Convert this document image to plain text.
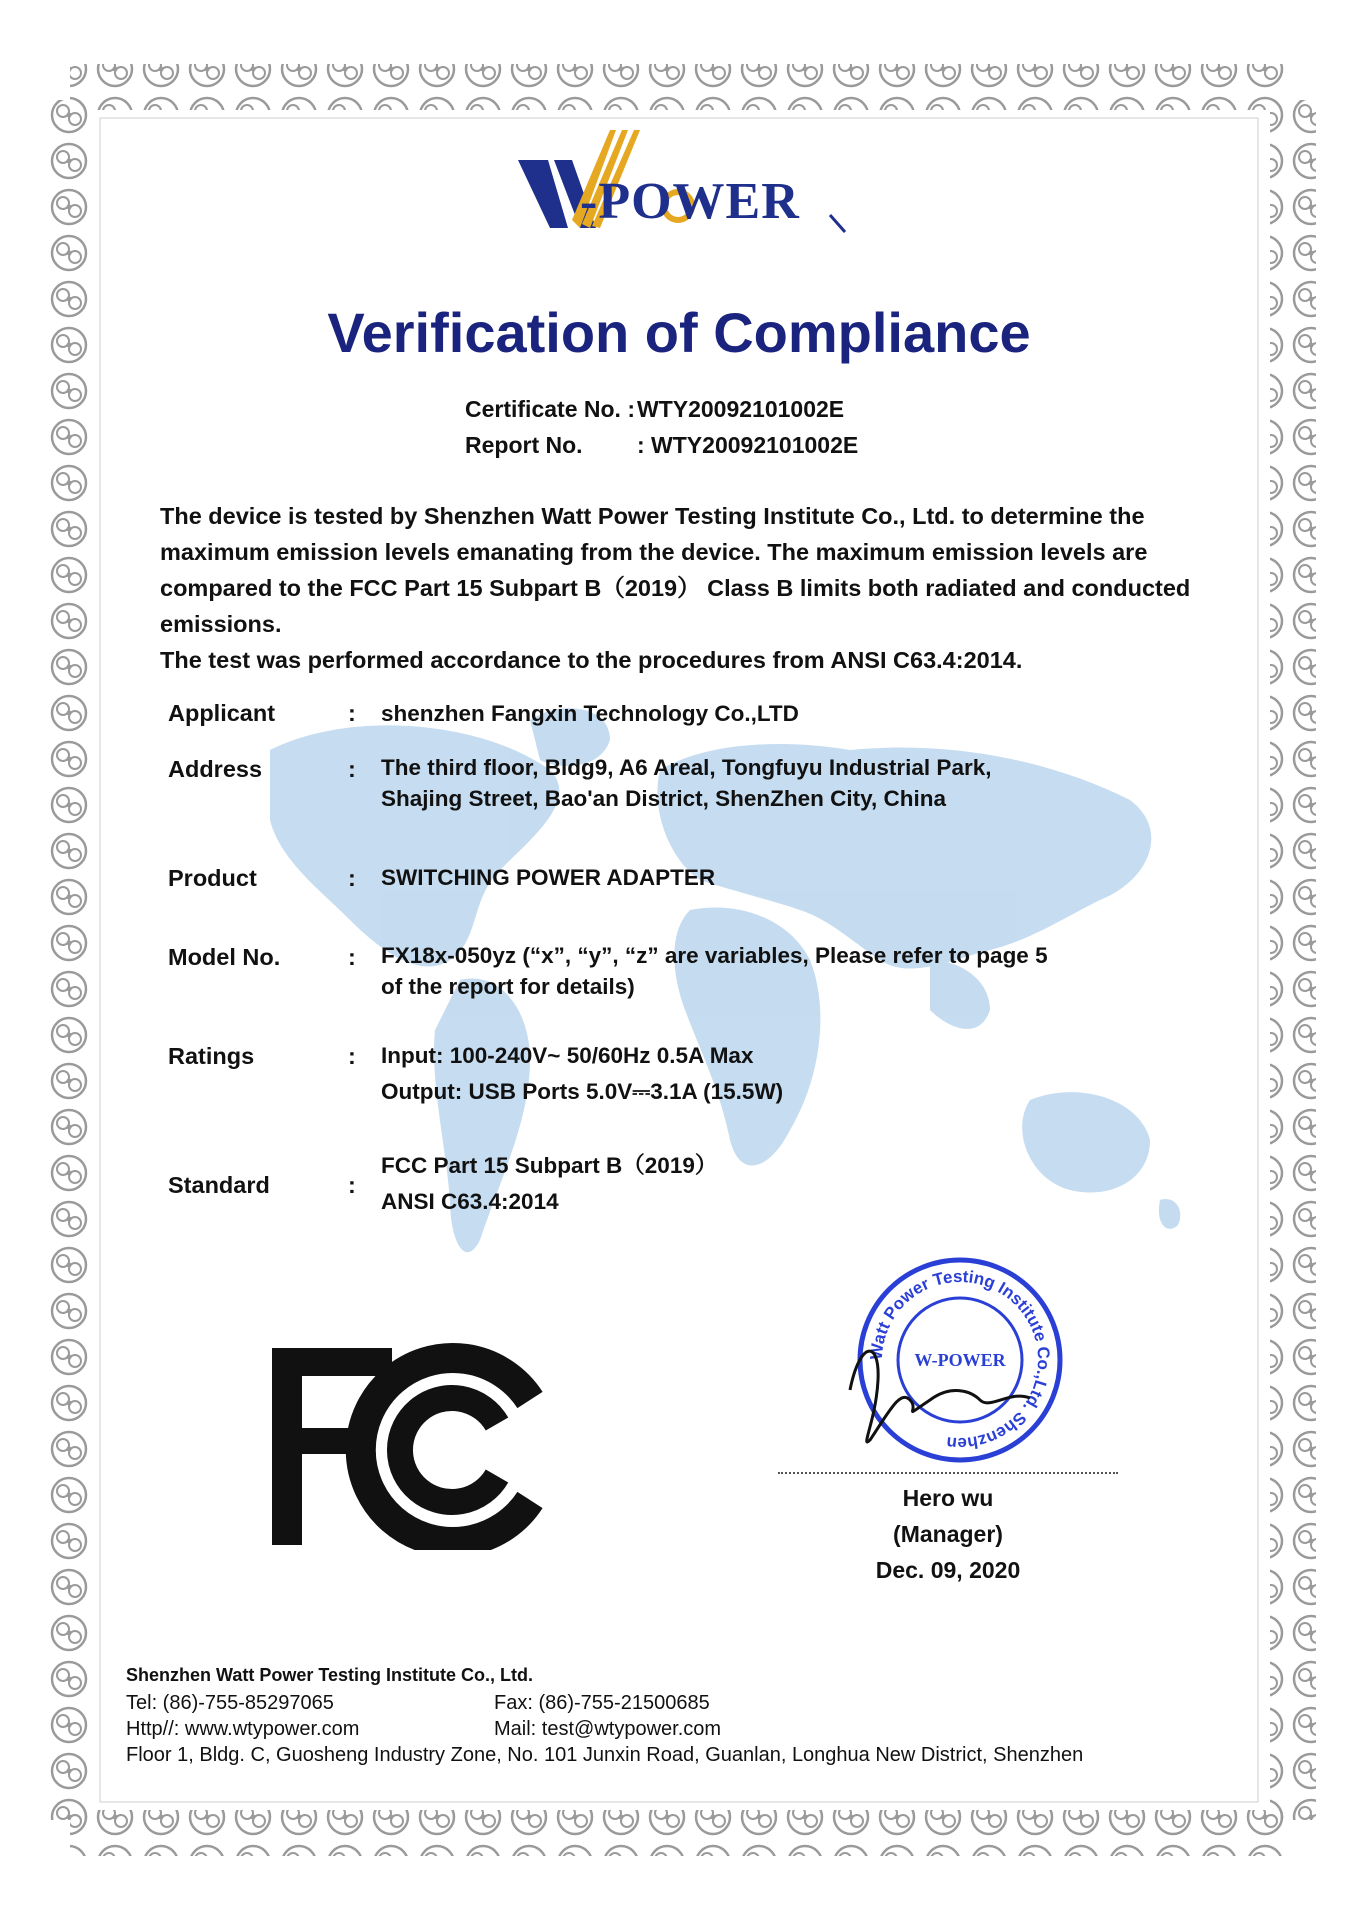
-POWER
Verification of Compliance
Certificate No. :WTY20092101002E
Report No. : WTY20092101002E

The device is tested by Shenzhen Watt Power Testing Institute Co., Ltd. to determine the maximum emission levels emanating from the device. The maximum emission levels are compared to the FCC Part 15 Subpart B（2019） Class B limits both radiated and conducted emissions.

The test was performed accordance to the procedures from ANSI C63.4:2014.

Applicant	: shenzhen Fangxin Technology Co.,LTD
Address	: The third floor, Bldg9, A6 Areal, Tongfuyu Industrial Park,
Shajing Street, Bao'an District, ShenZhen City, China
Product	: SWITCHING POWER ADAPTER
Model No.	: FX18x-050yz (“x”, “y”, “z” are variables, Please refer to page 5
of the report for details)
Ratings	: Input: 100-240V~ 50/60Hz 0.5A Max
Output: USB Ports 5.0V⎓3.1A (15.5W)
Standard	:
FCC Part 15 Subpart B（2019）
ANSI C63.4:2014
Watt Power Testing Institute Co.,Ltd. Shenzhen
W-POWER
Hero wu
(Manager)
Dec. 09, 2020
Shenzhen Watt Power Testing Institute Co., Ltd.
Tel: (86)-755-85297065	Fax: (86)-755-21500685
Http//: www.wtypower.com	Mail: test@wtypower.com
Floor 1, Bldg. C, Guosheng Industry Zone, No. 101 Junxin Road, Guanlan, Longhua New District, Shenzhen
